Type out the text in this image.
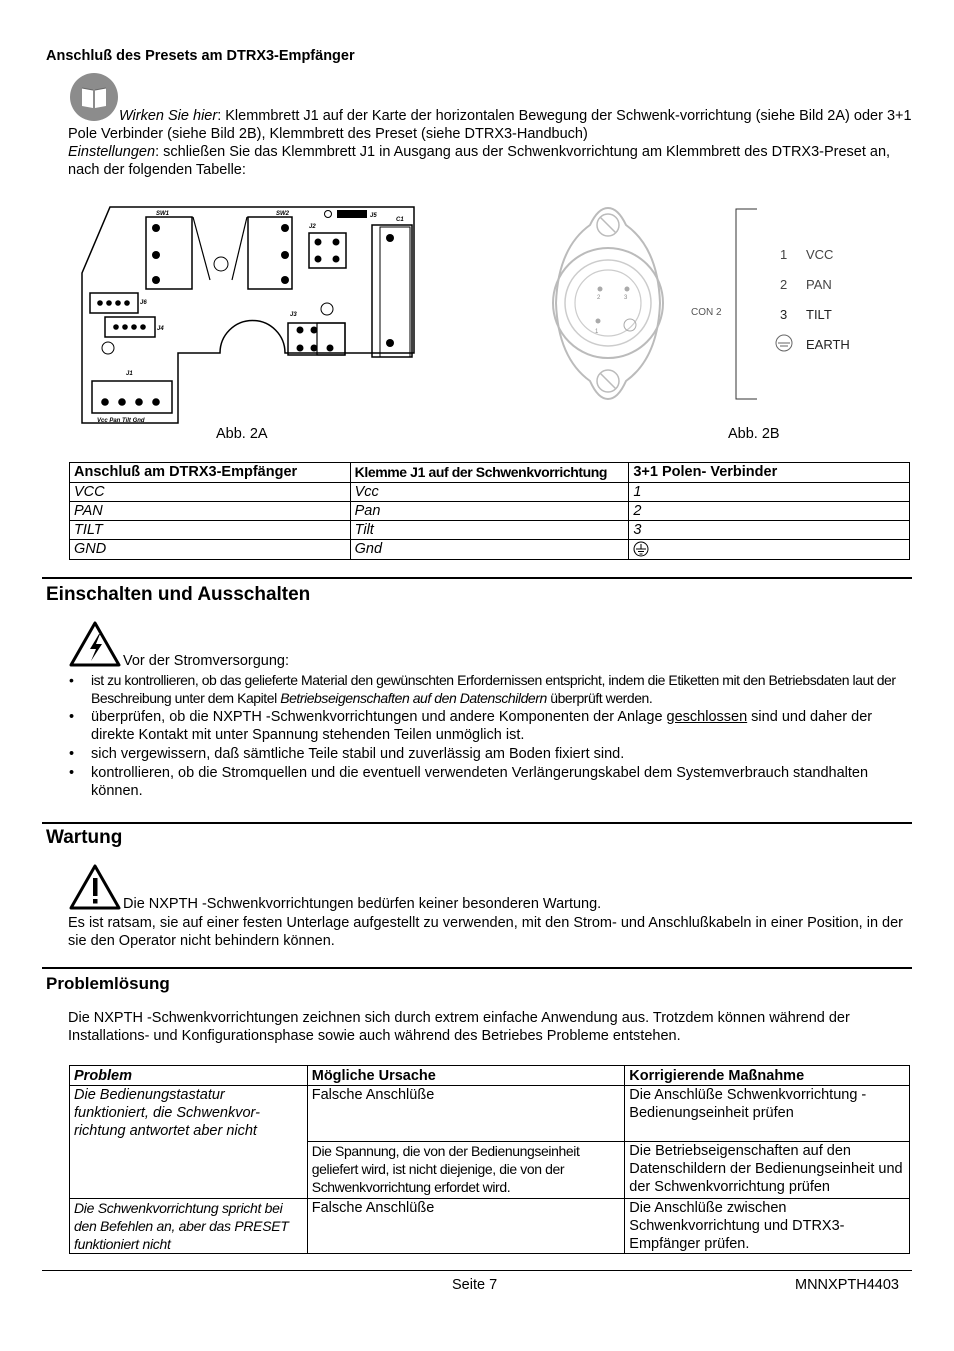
Anschluß des Presets am DTRX3-Empfänger
Wirken Sie hier: Klemmbrett J1 auf der Karte der horizontalen Bewegung der Schwenk-vorrichtung (siehe Bild 2A) oder 3+1 Pole Verbinder (siehe Bild 2B), Klemmbrett des Preset (siehe DTRX3-Handbuch)
Einstellungen: schließen Sie das Klemmbrett J1 in Ausgang aus der Schwenkvorrichtung am Klemmbrett des DTRX3-Preset an, nach der folgenden Tabelle:
SW1	SW2
J2
J5
C1
J6
J4
J3
J1
Vcc Pan Tilt Gnd
2	3
1
CON 2
1 VCC
2 PAN
3 TILT
EARTH
Abb. 2A	Abb. 2B
Anschluß am DTRX3-Empfänger	Klemme J1 auf der Schwenkvorrichtung	3+1 Polen- Verbinder
VCC	Vcc	1
PAN	Pan	2
TILT	Tilt	3
GND	Gnd	
Einschalten und Ausschalten
Vor der Stromversorgung:
• ist zu kontrollieren, ob das gelieferte Material den gewünschten Erfordernissen entspricht, indem die Etiketten mit den Betriebsdaten laut der Beschreibung unter dem Kapitel Betriebseigenschaften auf den Datenschildern überprüft werden.
• überprüfen, ob die NXPTH -Schwenkvorrichtungen und andere Komponenten der Anlage geschlossen sind und daher der direkte Kontakt mit unter Spannung stehenden Teilen unmöglich ist.
• sich vergewissern, daß sämtliche Teile stabil und zuverlässig am Boden fixiert sind.
• kontrollieren, ob die Stromquellen und die eventuell verwendeten Verlängerungskabel dem Systemverbrauch standhalten können.
Wartung
Die NXPTH -Schwenkvorrichtungen bedürfen keiner besonderen Wartung.
Es ist ratsam, sie auf einer festen Unterlage aufgestellt zu verwenden, mit den Strom- und Anschlußkabeln in einer Position, in der sie den Operator nicht behindern können.
Problemlösung
Die NXPTH -Schwenkvorrichtungen zeichnen sich durch extrem einfache Anwendung aus. Trotzdem können während der Installations- und Konfigurationsphase sowie auch während des Betriebes Probleme entstehen.
Problem	Mögliche Ursache	Korrigierende Maßnahme
Die Bedienungstastatur funktioniert, die Schwenkvor-richtung antwortet aber nicht	Falsche Anschlüße	Die Anschlüße Schwenkvorrichtung - Bedienungseinheit prüfen
	Die Spannung, die von der Bedienungseinheit geliefert wird, ist nicht diejenige, die von der Schwenkvorrichtung erfordet wird.	Die Betriebseigenschaften auf den Datenschildern der Bedienungseinheit und der Schwenkvorrichtung prüfen
Die Schwenkvorrichtung spricht bei den Befehlen an, aber das PRESET funktioniert nicht	Falsche Anschlüße	Die Anschlüße zwischen Schwenkvorrichtung und DTRX3-Empfänger prüfen.
Seite 7	MNNXPTH4403
